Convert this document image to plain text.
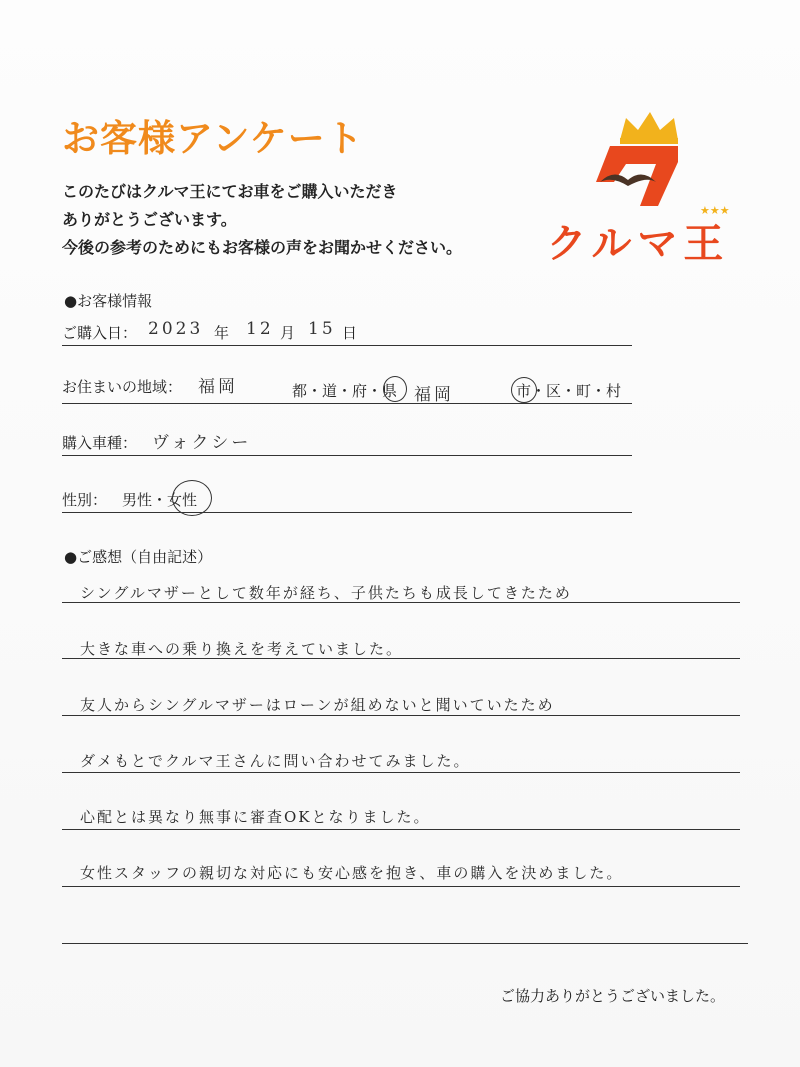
お客様アンケート
このたびはクルマ王にてお車をご購入いただき
ありがとうございます。
今後の参考のためにもお客様の声をお聞かせください。
★★★
クルマ王
●お客様情報
ご購入日： 2023 年 12 月 15 日
お住まいの地域： 福岡	都・道・府・県 福岡	市・区・町・村
購入車種： ヴォクシー
性別： 男性・女性
●ご感想（自由記述）
シングルマザーとして数年が経ち、子供たちも成長してきたため
大きな車への乗り換えを考えていました。
友人からシングルマザーはローンが組めないと聞いていたため
ダメもとでクルマ王さんに問い合わせてみました。
心配とは異なり無事に審査OKとなりました。
女性スタッフの親切な対応にも安心感を抱き、車の購入を決めました。
ご協力ありがとうございました。
